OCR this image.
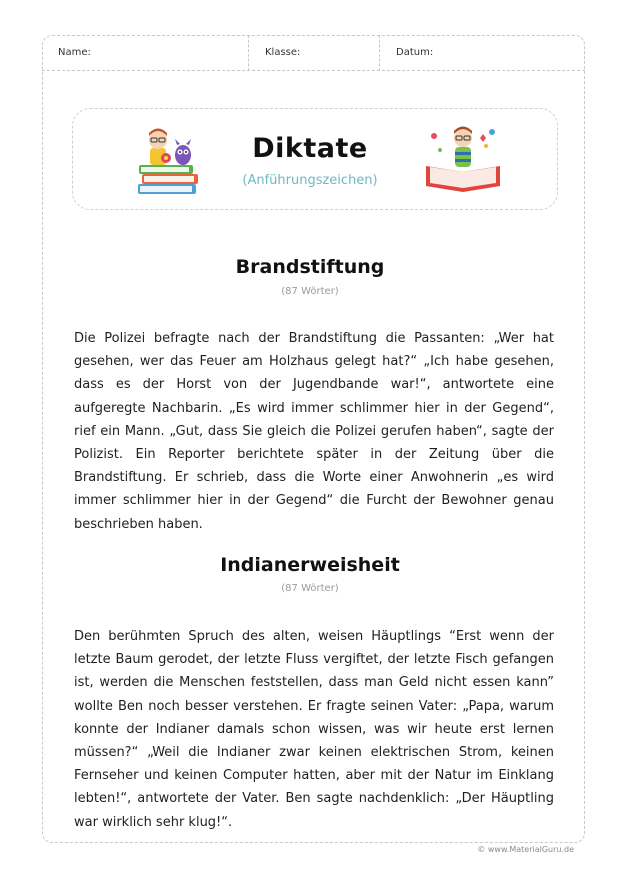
Name:	Klasse:	Datum:
Diktate
(Anführungszeichen)
Brandstiftung
(87 Wörter)

Die Polizei befragte nach der Brandstiftung die Passanten: „Wer hat gesehen, wer das Feuer am Holzhaus gelegt hat?“ „Ich habe gesehen, dass es der Horst von der Jugendbande war!“, antwortete eine aufgeregte Nachbarin. „Es wird immer schlimmer hier in der Gegend“, rief ein Mann. „Gut, dass Sie gleich die Polizei gerufen haben“, sagte der Polizist. Ein Reporter berichtete später in der Zeitung über die Brandstiftung. Er schrieb, dass die Worte einer Anwohnerin „es wird immer schlimmer hier in der Gegend“ die Furcht der Bewohner genau beschrieben haben.

Indianerweisheit
(87 Wörter)

Den berühmten Spruch des alten, weisen Häuptlings “Erst wenn der letzte Baum gerodet, der letzte Fluss vergiftet, der letzte Fisch gefangen ist, werden die Menschen feststellen, dass man Geld nicht essen kann” wollte Ben noch besser verstehen. Er fragte seinen Vater: „Papa, warum konnte der Indianer damals schon wissen, was wir heute erst lernen müssen?“ „Weil die Indianer zwar keinen elektrischen Strom, keinen Fernseher und keinen Computer hatten, aber mit der Natur im Einklang lebten!“, antwortete der Vater. Ben sagte nachdenklich: „Der Häuptling war wirklich sehr klug!“.

© www.MaterialGuru.de
